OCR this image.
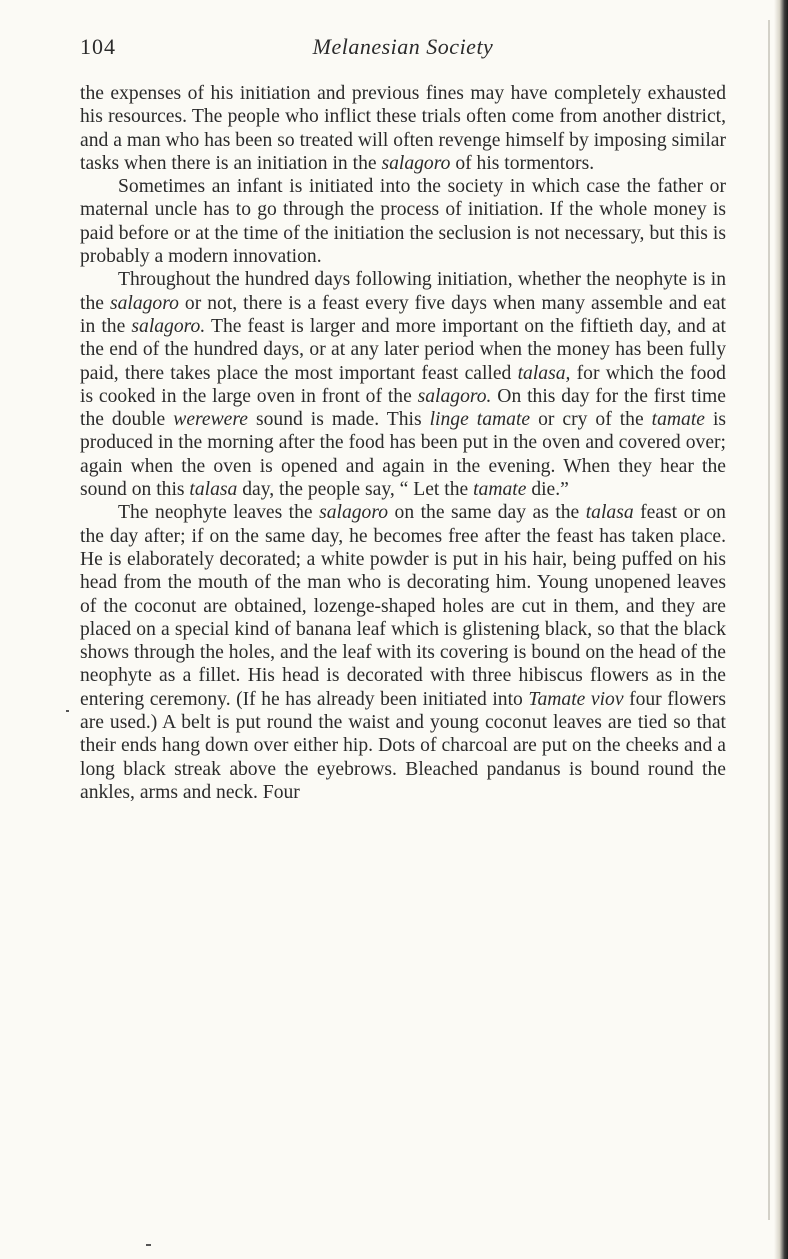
104	Melanesian Society

the expenses of his initiation and previous fines may have completely exhausted his resources. The people who inflict these trials often come from another district, and a man who has been so treated will often revenge himself by imposing similar tasks when there is an initiation in the salagoro of his tormentors.

Sometimes an infant is initiated into the society in which case the father or maternal uncle has to go through the process of initiation. If the whole money is paid before or at the time of the initiation the seclusion is not necessary, but this is probably a modern innovation.

Throughout the hundred days following initiation, whether the neophyte is in the salagoro or not, there is a feast every five days when many assemble and eat in the salagoro. The feast is larger and more important on the fiftieth day, and at the end of the hundred days, or at any later period when the money has been fully paid, there takes place the most important feast called talasa, for which the food is cooked in the large oven in front of the salagoro. On this day for the first time the double werewere sound is made. This linge tamate or cry of the tamate is produced in the morning after the food has been put in the oven and covered over; again when the oven is opened and again in the evening. When they hear the sound on this talasa day, the people say, “ Let the tamate die.”

The neophyte leaves the salagoro on the same day as the talasa feast or on the day after; if on the same day, he becomes free after the feast has taken place. He is elaborately decorated; a white powder is put in his hair, being puffed on his head from the mouth of the man who is decorating him. Young unopened leaves of the coconut are obtained, lozenge-shaped holes are cut in them, and they are placed on a special kind of banana leaf which is glistening black, so that the black shows through the holes, and the leaf with its covering is bound on the head of the neophyte as a fillet. His head is decorated with three hibiscus flowers as in the entering ceremony. (If he has already been initiated into Tamate viov four flowers are used.) A belt is put round the waist and young coconut leaves are tied so that their ends hang down over either hip. Dots of charcoal are put on the cheeks and a long black streak above the eyebrows. Bleached pandanus is bound round the ankles, arms and neck. Four
